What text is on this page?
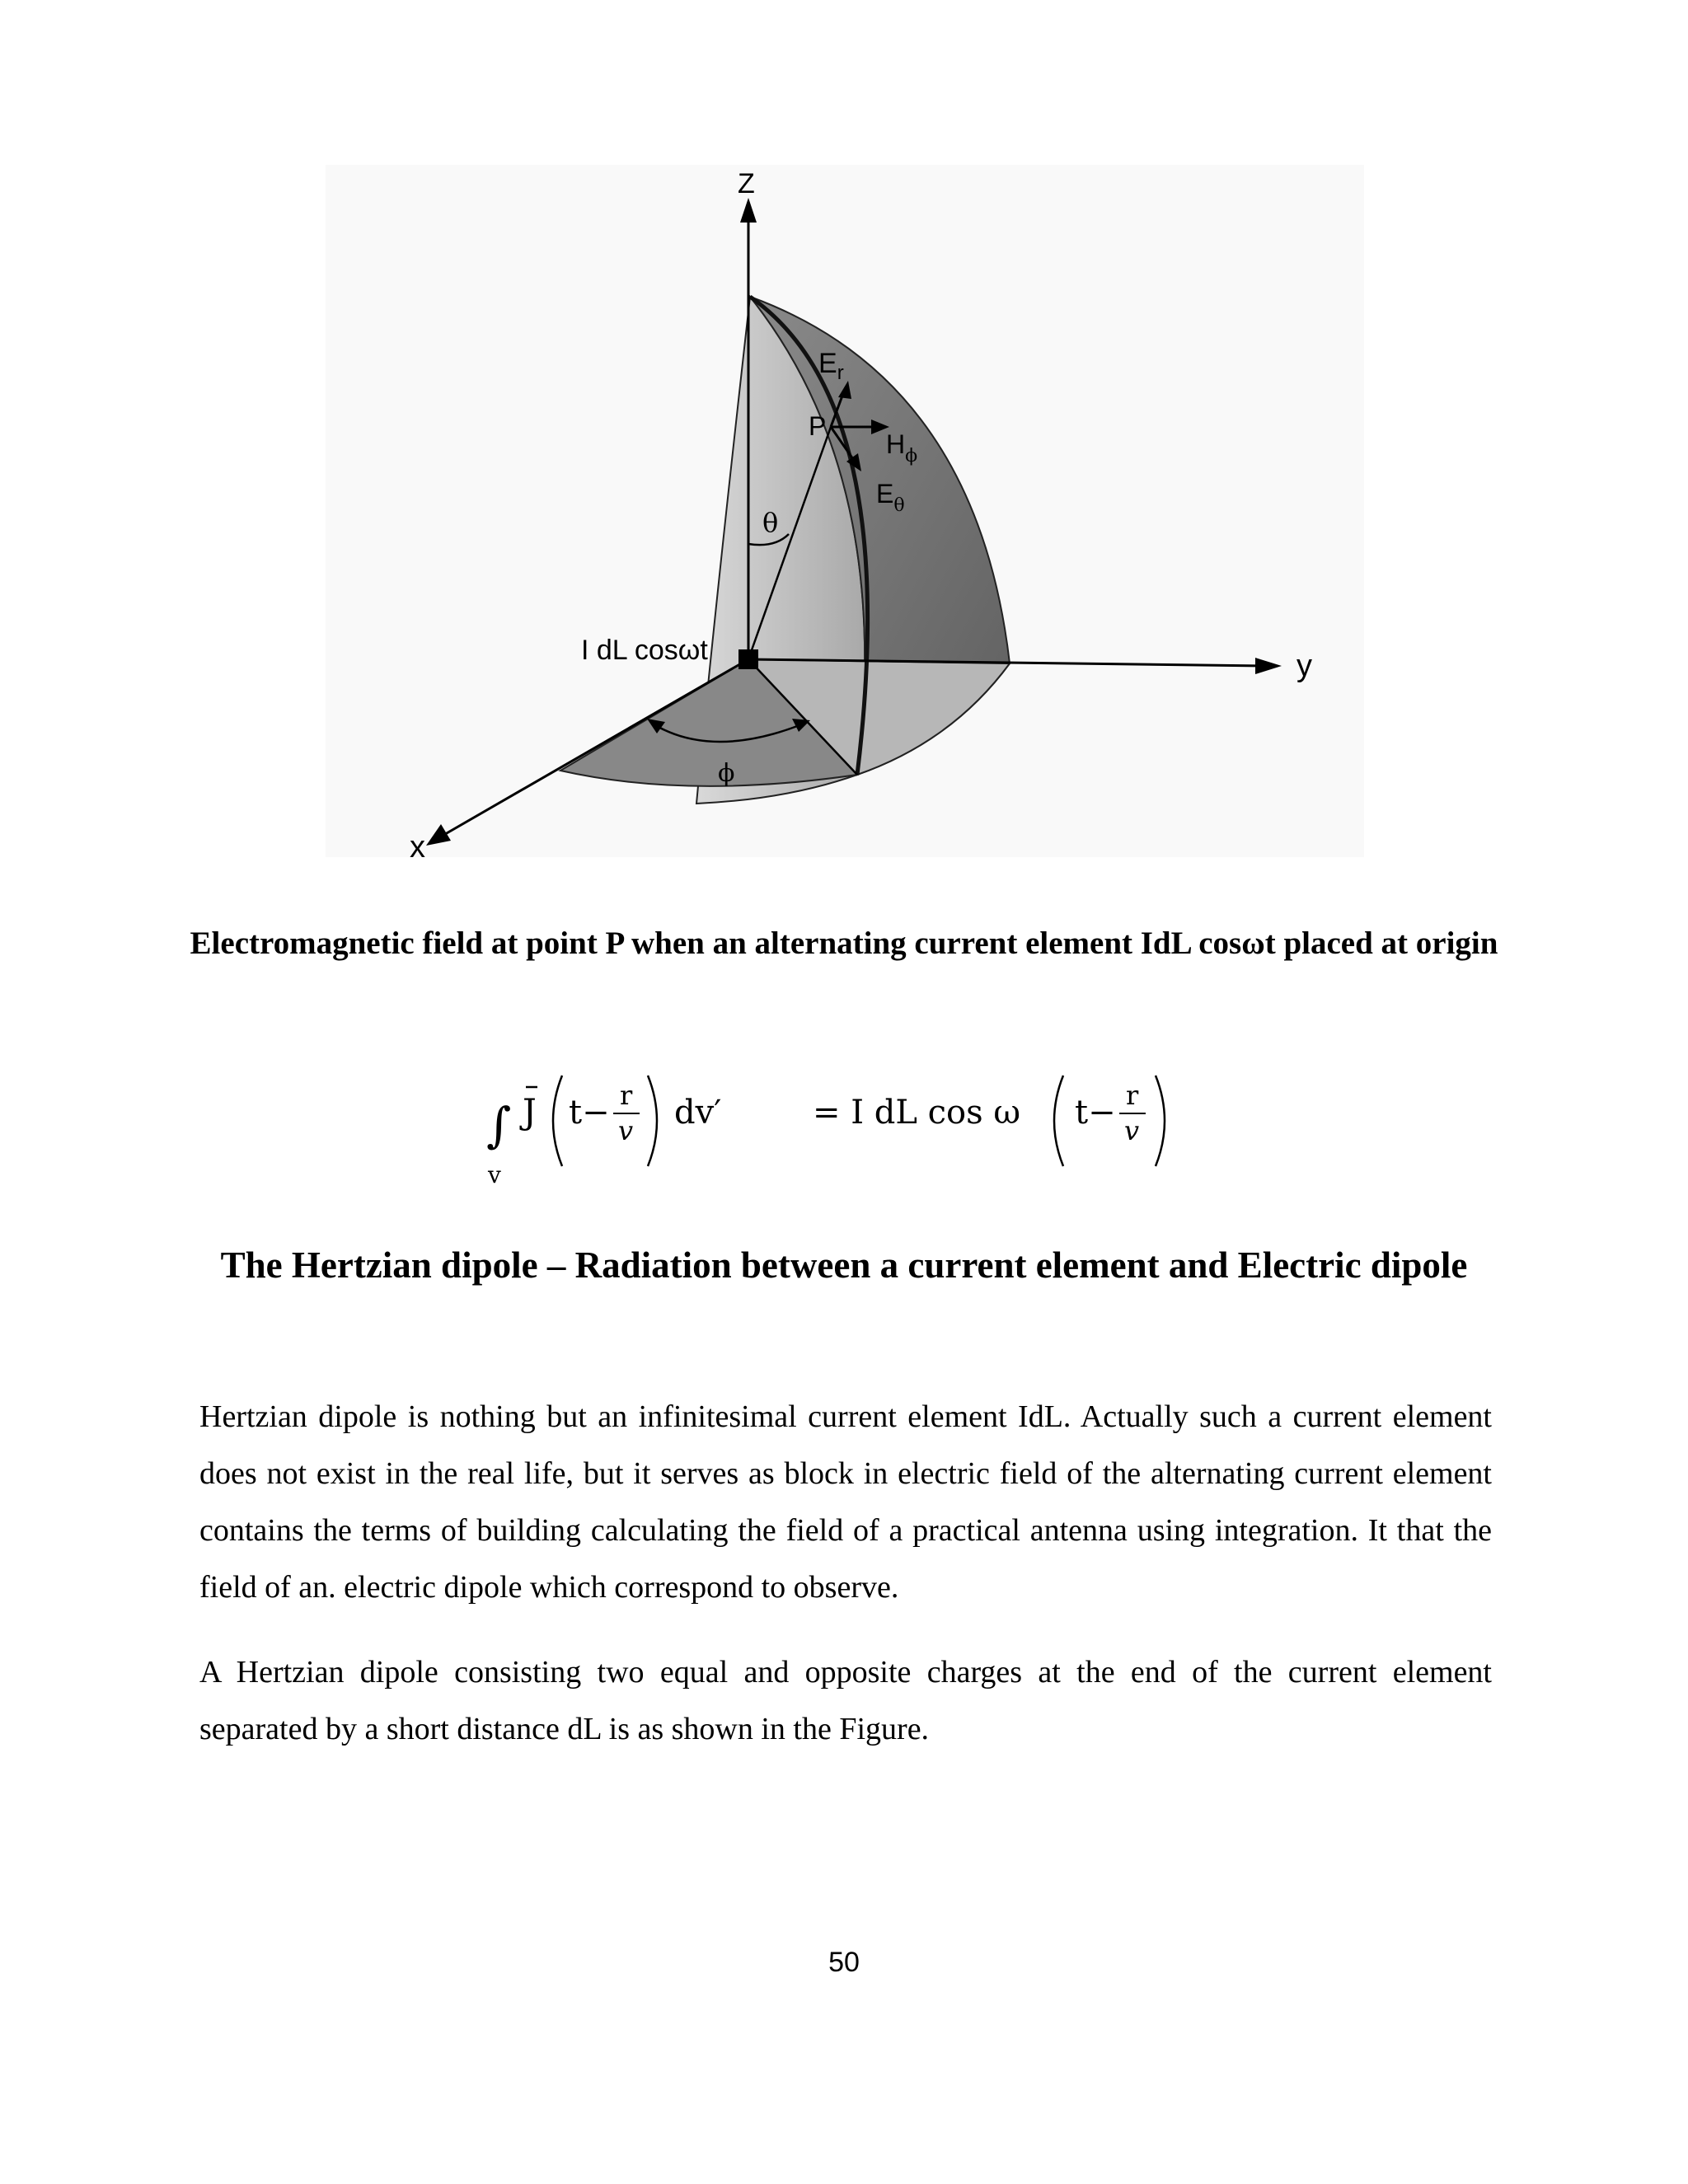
Z
y
x
$E_r$
P
$H_\phi$
$E_\theta$
θ
ϕ
I dL cosωt

Electromagnetic field at point P when an alternating current element IdL cosωt placed at origin

∫
v
J t− r
v dv′	= I dL cos ω t− r
v
The Hertzian dipole – Radiation between a current element and Electric dipole

Hertzian dipole is nothing but an infinitesimal current element IdL. Actually such a current element does not exist in the real life, but it serves as block in electric field of the alternating current element contains the terms of building calculating the field of a practical antenna using integration. It that the field of an. electric dipole which correspond to observe.

A Hertzian dipole consisting two equal and opposite charges at the end of the current element separated by a short distance dL is as shown in the Figure.

50
